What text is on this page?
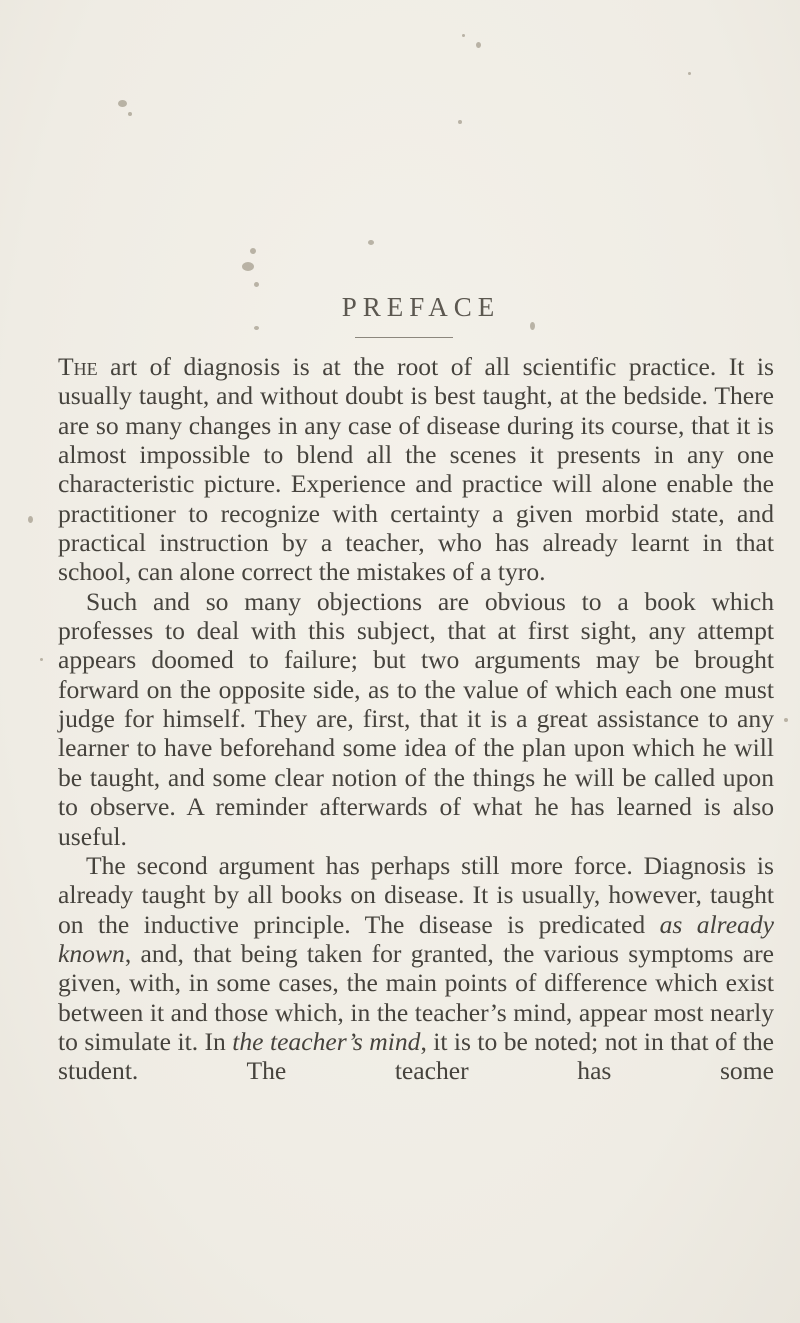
PREFACE

The art of diagnosis is at the root of all scientific practice. It is usually taught, and without doubt is best taught, at the bedside. There are so many changes in any case of disease during its course, that it is almost impossible to blend all the scenes it presents in any one characteristic picture. Experience and practice will alone enable the practitioner to recognize with certainty a given morbid state, and practical instruction by a teacher, who has already learnt in that school, can alone correct the mistakes of a tyro.

Such and so many objections are obvious to a book which professes to deal with this subject, that at first sight, any attempt appears doomed to failure; but two arguments may be brought forward on the opposite side, as to the value of which each one must judge for himself. They are, first, that it is a great assistance to any learner to have beforehand some idea of the plan upon which he will be taught, and some clear notion of the things he will be called upon to observe. A reminder afterwards of what he has learned is also useful.

The second argument has perhaps still more force. Diagnosis is already taught by all books on disease. It is usually, however, taught on the inductive principle. The disease is predicated as already known, and, that being taken for granted, the various symptoms are given, with, in some cases, the main points of difference which exist between it and those which, in the teacher’s mind, appear most nearly to simulate it. In the teacher’s mind, it is to be noted; not in that of the student. The teacher has some
